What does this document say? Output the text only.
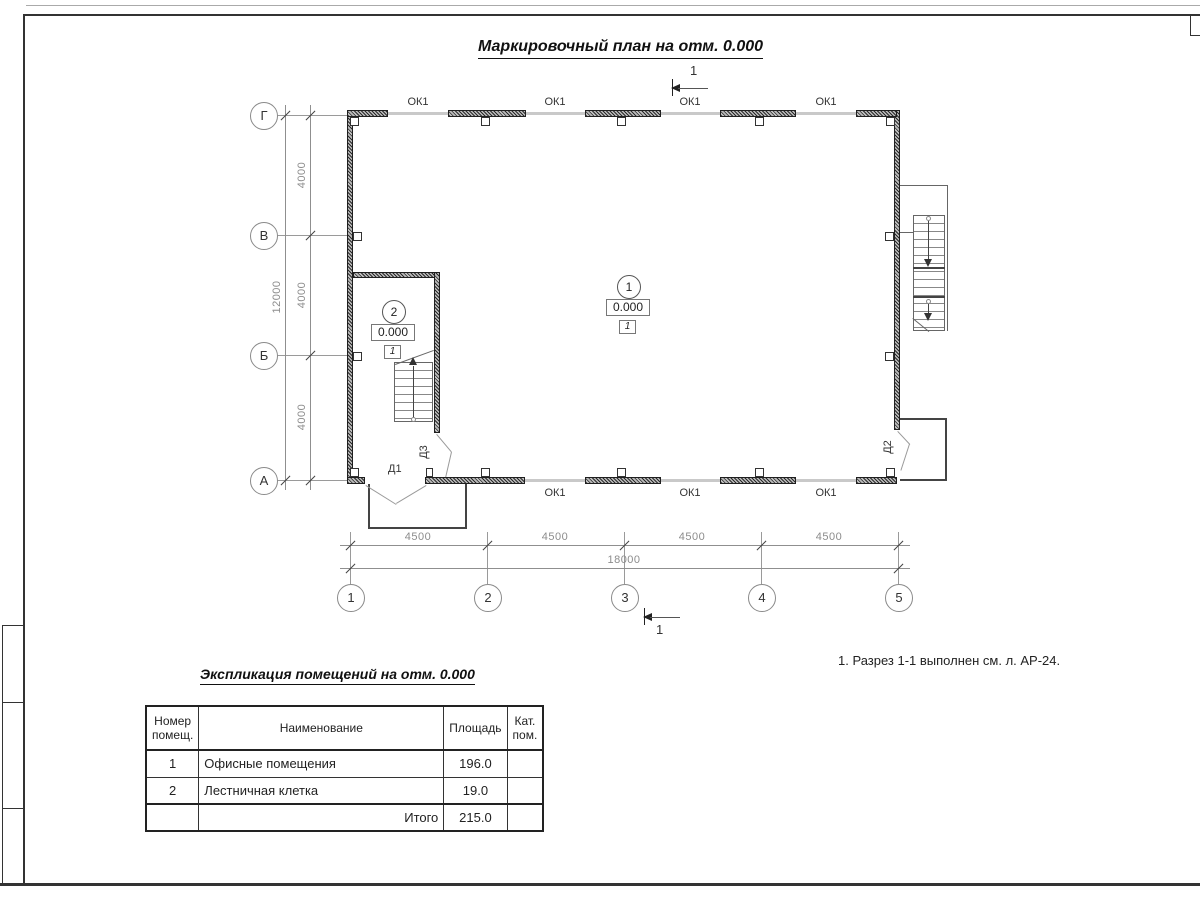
Маркировочный план на отм. 0.000
4000
4000
4000
12000
Г
В
Б
А
4500	4500	4500	4500
18000
1	2	3	4	5
ОК1	ОК1	ОК1	ОК1
ОК1	ОК1	ОК1
Д1
Д3	Д2
1
0.000
1
2
0.000
1
1
1
1. Разрез 1-1 выполнен см. л. АР-24.
Экспликация помещений на отм. 0.000
Номер помещ.	Наименование	Площадь	Кат. пом.
1	Офисные помещения	196.0	
2	Лестничная клетка	19.0	
	Итого	215.0	
